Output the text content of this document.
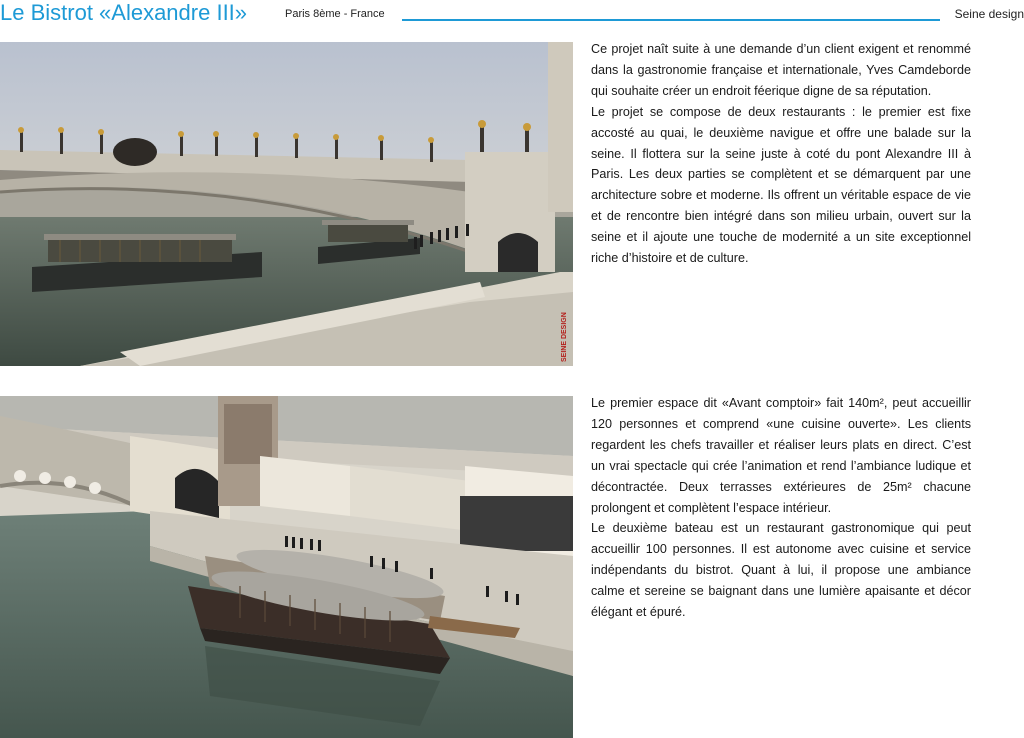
Le Bistrot «Alexandre III»	Paris 8ème - France	Seine design
SEINE DESIGN

Ce projet naît suite à une demande d’un client exigent et renommé dans la gastronomie française et internationale, Yves Camdeborde qui souhaite créer un endroit féerique digne de sa réputation.
Le projet se compose de deux restaurants : le premier est fixe accosté au quai, le deuxième navigue et offre une balade sur la seine. Il flottera sur la seine juste à coté du pont Alexandre III à Paris. Les deux parties se complètent et se démarquent par une architecture sobre et moderne. Ils offrent un véritable espace de vie et de rencontre bien intégré dans son milieu urbain, ouvert sur la seine et il ajoute une touche de modernité a un site exceptionnel riche d’histoire et de culture.

Le premier espace dit «Avant comptoir» fait 140m², peut accueillir 120 personnes et comprend «une cuisine ouverte». Les clients regardent les chefs travailler et réaliser leurs plats en direct. C’est un vrai spectacle qui crée l’animation et rend l’ambiance ludique et décontractée. Deux terrasses extérieures de 25m² chacune prolongent et complètent l’espace intérieur.
Le deuxième bateau est un restaurant gastronomique qui peut accueillir 100 personnes. Il est autonome avec cuisine et service indépendants du bistrot. Quant à lui, il propose une ambiance calme et sereine se baignant dans une lumière apaisante et décor élégant et épuré.
